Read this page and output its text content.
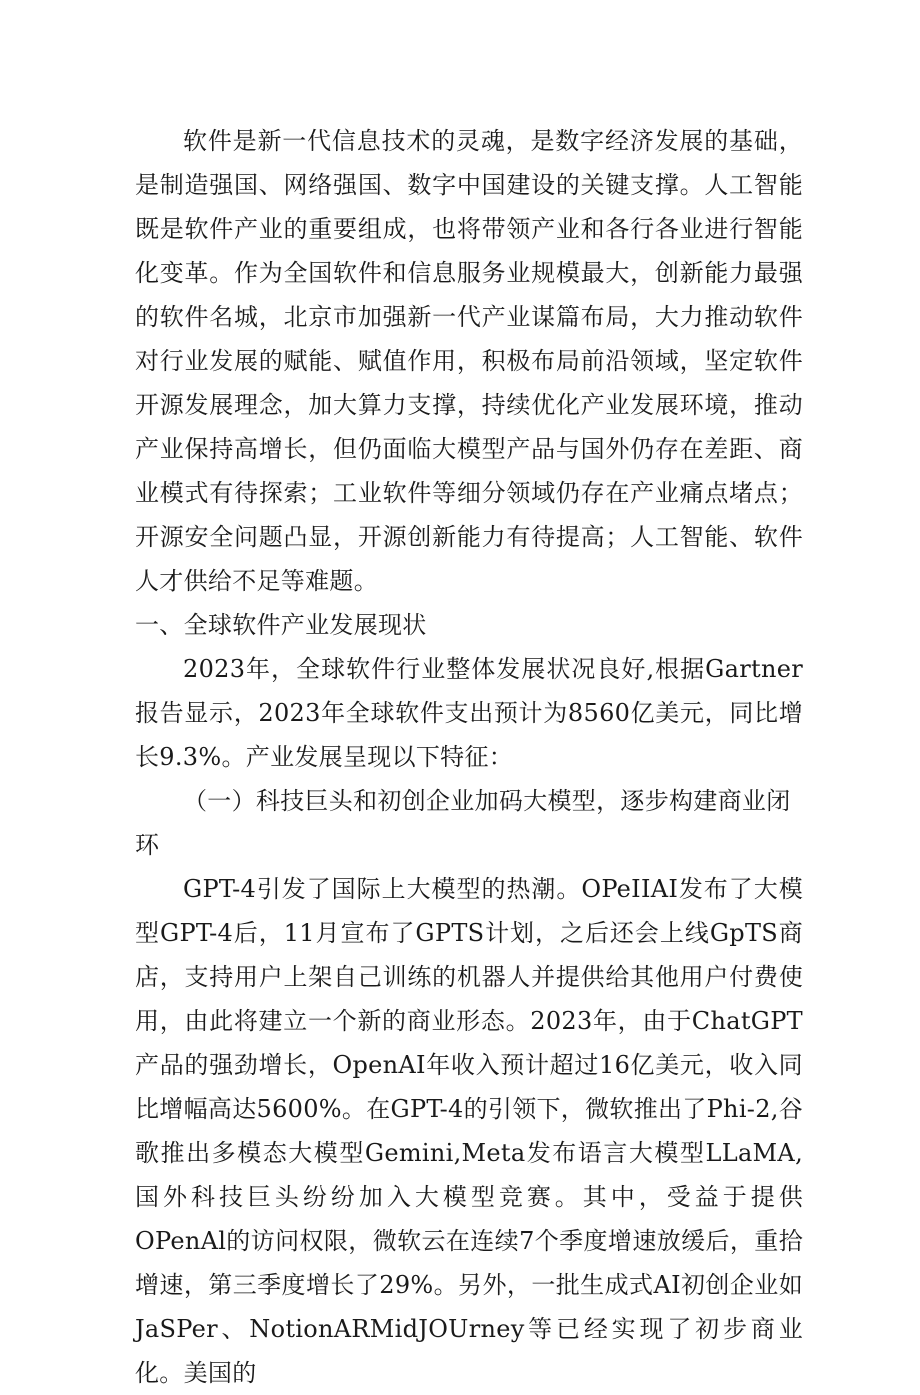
软件是新一代信息技术的灵魂，是数字经济发展的基础，是制造强国、网络强国、数字中国建设的关键支撑。人工智能既是软件产业的重要组成，也将带领产业和各行各业进行智能化变革。作为全国软件和信息服务业规模最大，创新能力最强的软件名城，北京市加强新一代产业谋篇布局，大力推动软件对行业发展的赋能、赋值作用，积极布局前沿领域，坚定软件开源发展理念，加大算力支撑，持续优化产业发展环境，推动产业保持高增长，但仍面临大模型产品与国外仍存在差距、商业模式有待探索；工业软件等细分领域仍存在产业痛点堵点；开源安全问题凸显，开源创新能力有待提高；人工智能、软件人才供给不足等难题。

一、全球软件产业发展现状

2023年，全球软件行业整体发展状况良好,根据Gartner报告显示，2023年全球软件支出预计为8560亿美元，同比增长9.3%。产业发展呈现以下特征：

（一）科技巨头和初创企业加码大模型，逐步构建商业闭环

GPT-4引发了国际上大模型的热潮。OPeIIAI发布了大模型GPT-4后，11月宣布了GPTS计划，之后还会上线GpTS商店，支持用户上架自己训练的机器人并提供给其他用户付费使用，由此将建立一个新的商业形态。2023年，由于ChatGPT产品的强劲增长，OpenAI年收入预计超过16亿美元，收入同比增幅高达5600%。在GPT-4的引领下，微软推出了Phi-2,谷歌推出多模态大模型Gemini,Meta发布语言大模型LLaMA,国外科技巨头纷纷加入大模型竞赛。其中，受益于提供OPenAl的访问权限，微软云在连续7个季度增速放缓后，重拾增速，第三季度增长了29%。另外，一批生成式AI初创企业如JaSPer、NotionARMidJOUrney等已经实现了初步商业化。美国的
